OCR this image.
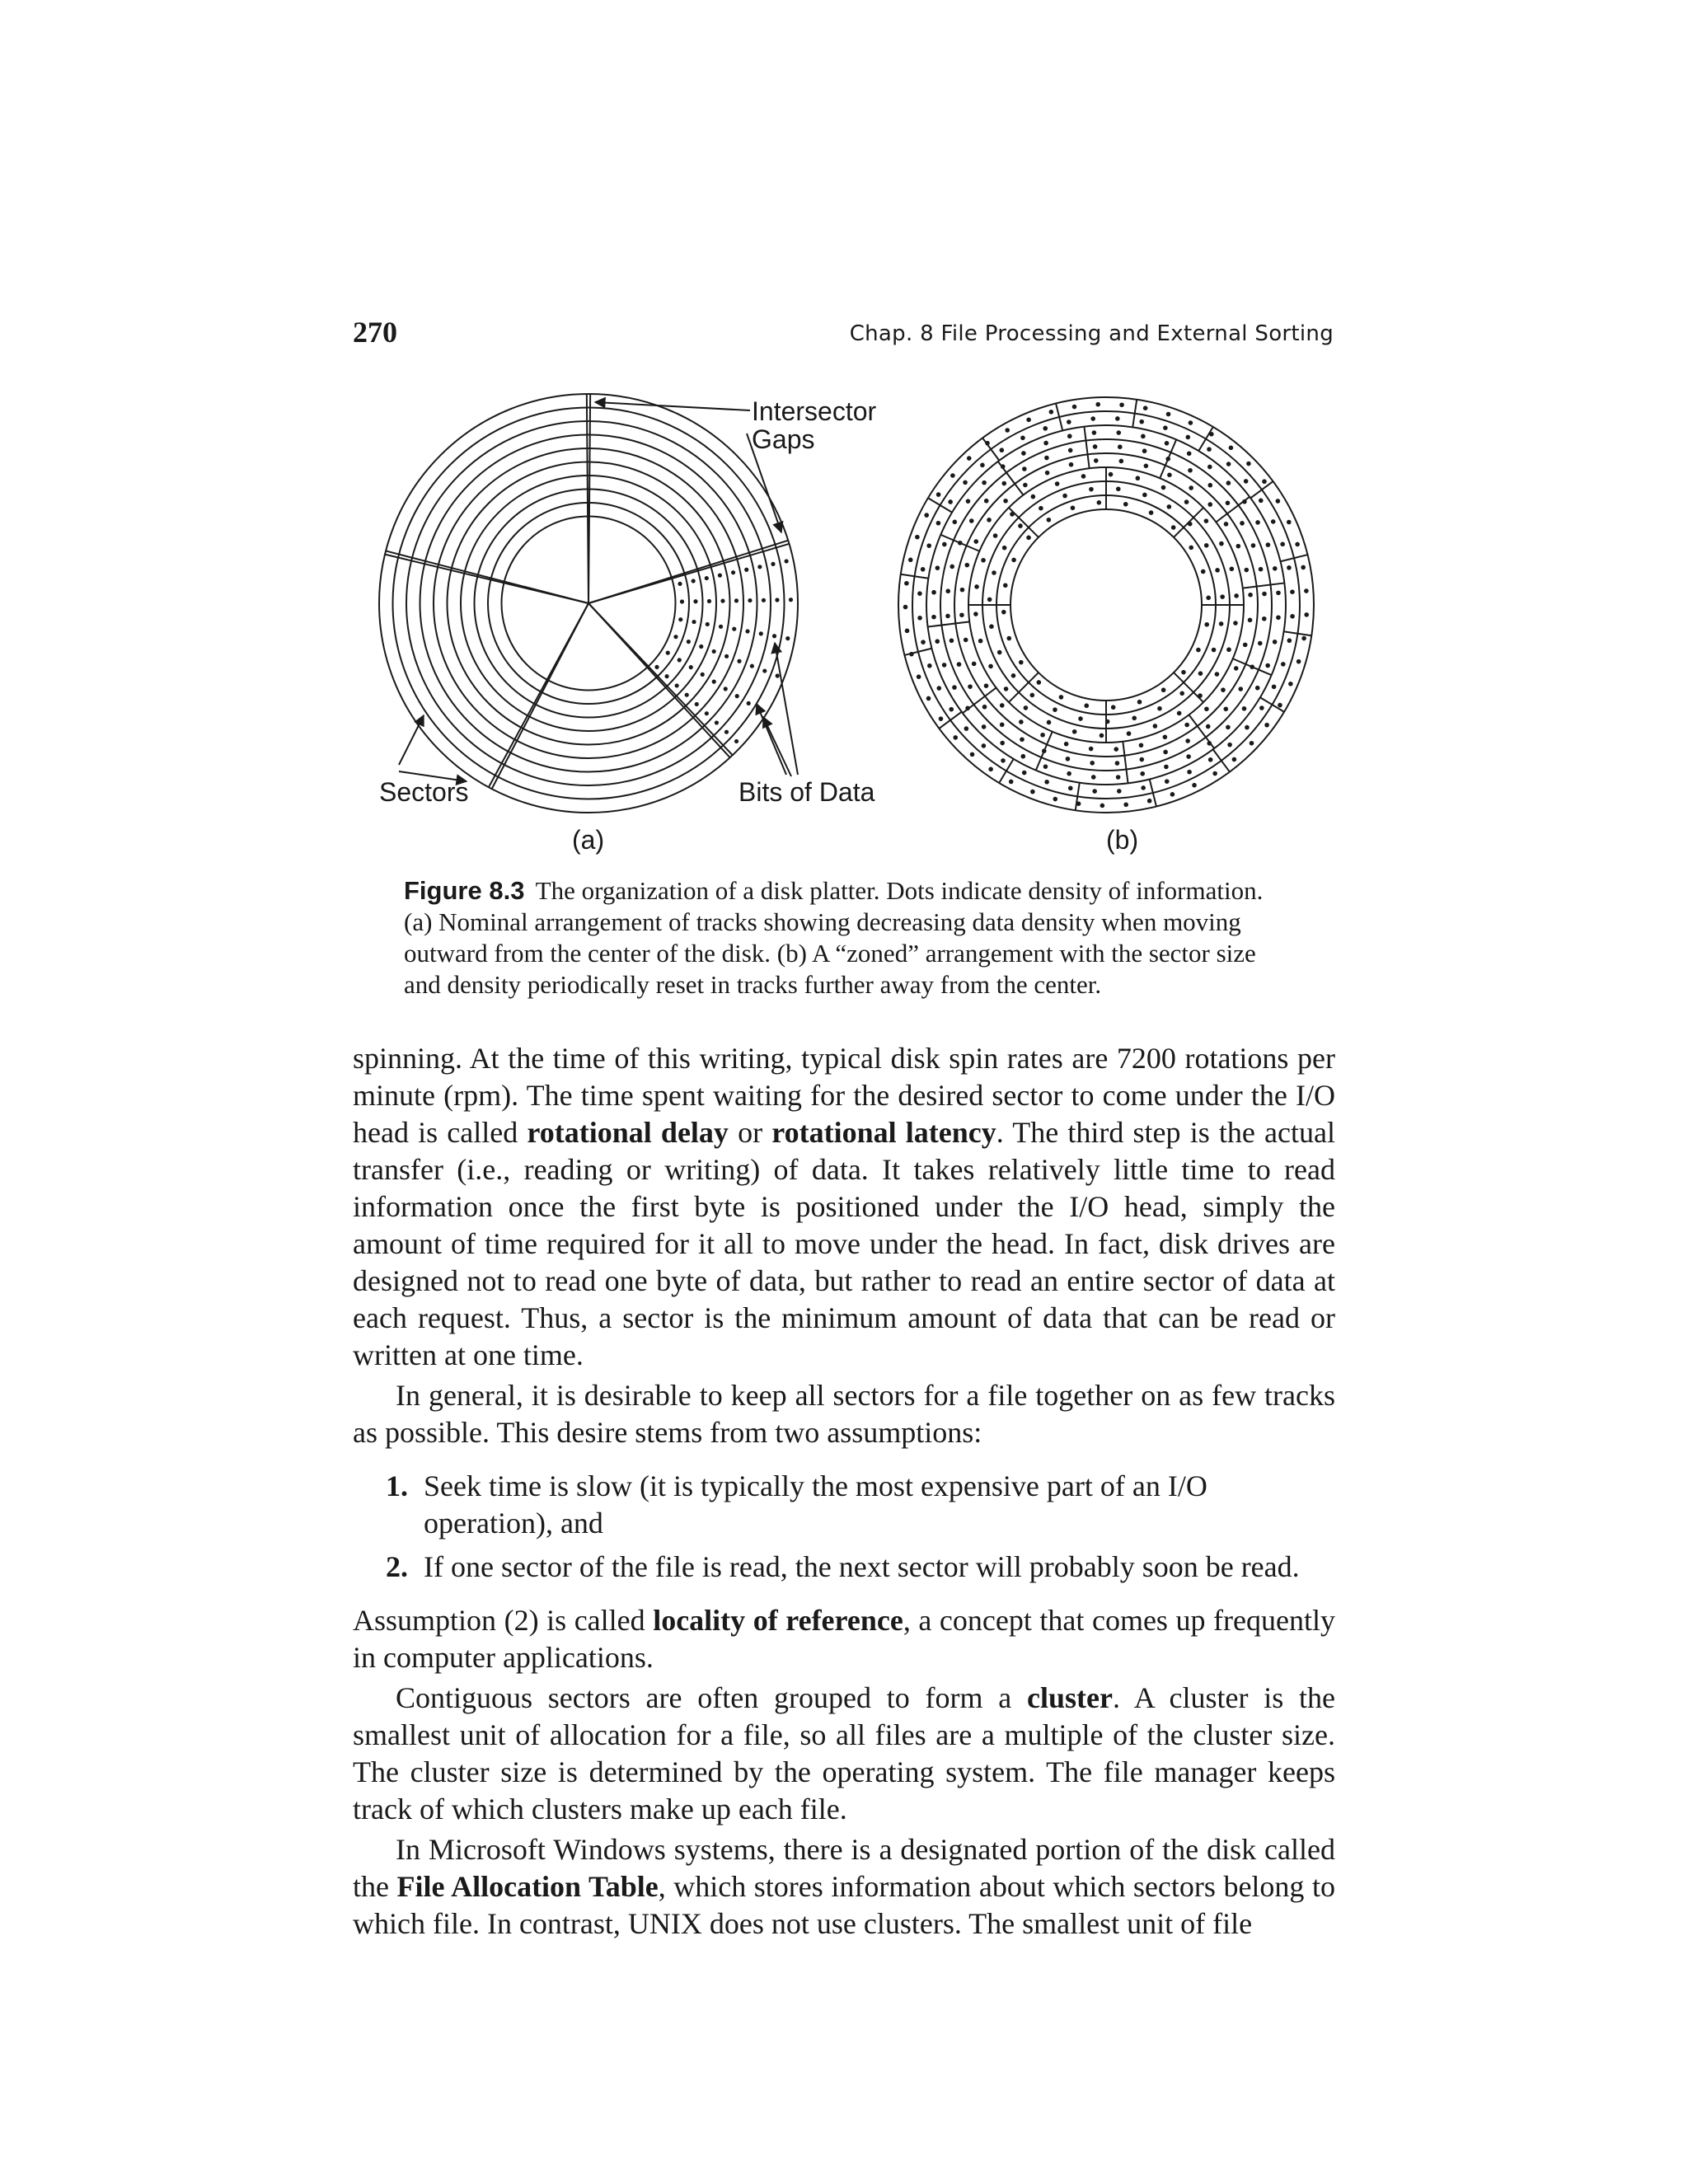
270	Chap. 8 File Processing and External Sorting
Intersector
Gaps
Sectors	Bits of Data
(a)	(b)
Figure 8.3 The organization of a disk platter. Dots indicate density of information. (a) Nominal arrangement of tracks showing decreasing data density when moving outward from the center of the disk. (b) A “zoned” arrangement with the sector size and density periodically reset in tracks further away from the center.

spinning. At the time of this writing, typical disk spin rates are 7200 rotations per minute (rpm). The time spent waiting for the desired sector to come under the I/O head is called rotational delay or rotational latency. The third step is the actual transfer (i.e., reading or writing) of data. It takes relatively little time to read information once the first byte is positioned under the I/O head, simply the amount of time required for it all to move under the head. In fact, disk drives are designed not to read one byte of data, but rather to read an entire sector of data at each request. Thus, a sector is the minimum amount of data that can be read or written at one time.

In general, it is desirable to keep all sectors for a file together on as few tracks as possible. This desire stems from two assumptions:

1. Seek time is slow (it is typically the most expensive part of an I/O operation), and
2. If one sector of the file is read, the next sector will probably soon be read.

Assumption (2) is called locality of reference, a concept that comes up frequently in computer applications.

Contiguous sectors are often grouped to form a cluster. A cluster is the smallest unit of allocation for a file, so all files are a multiple of the cluster size. The cluster size is determined by the operating system. The file manager keeps track of which clusters make up each file.

In Microsoft Windows systems, there is a designated portion of the disk called the File Allocation Table, which stores information about which sectors belong to which file. In contrast, UNIX does not use clusters. The smallest unit of file
